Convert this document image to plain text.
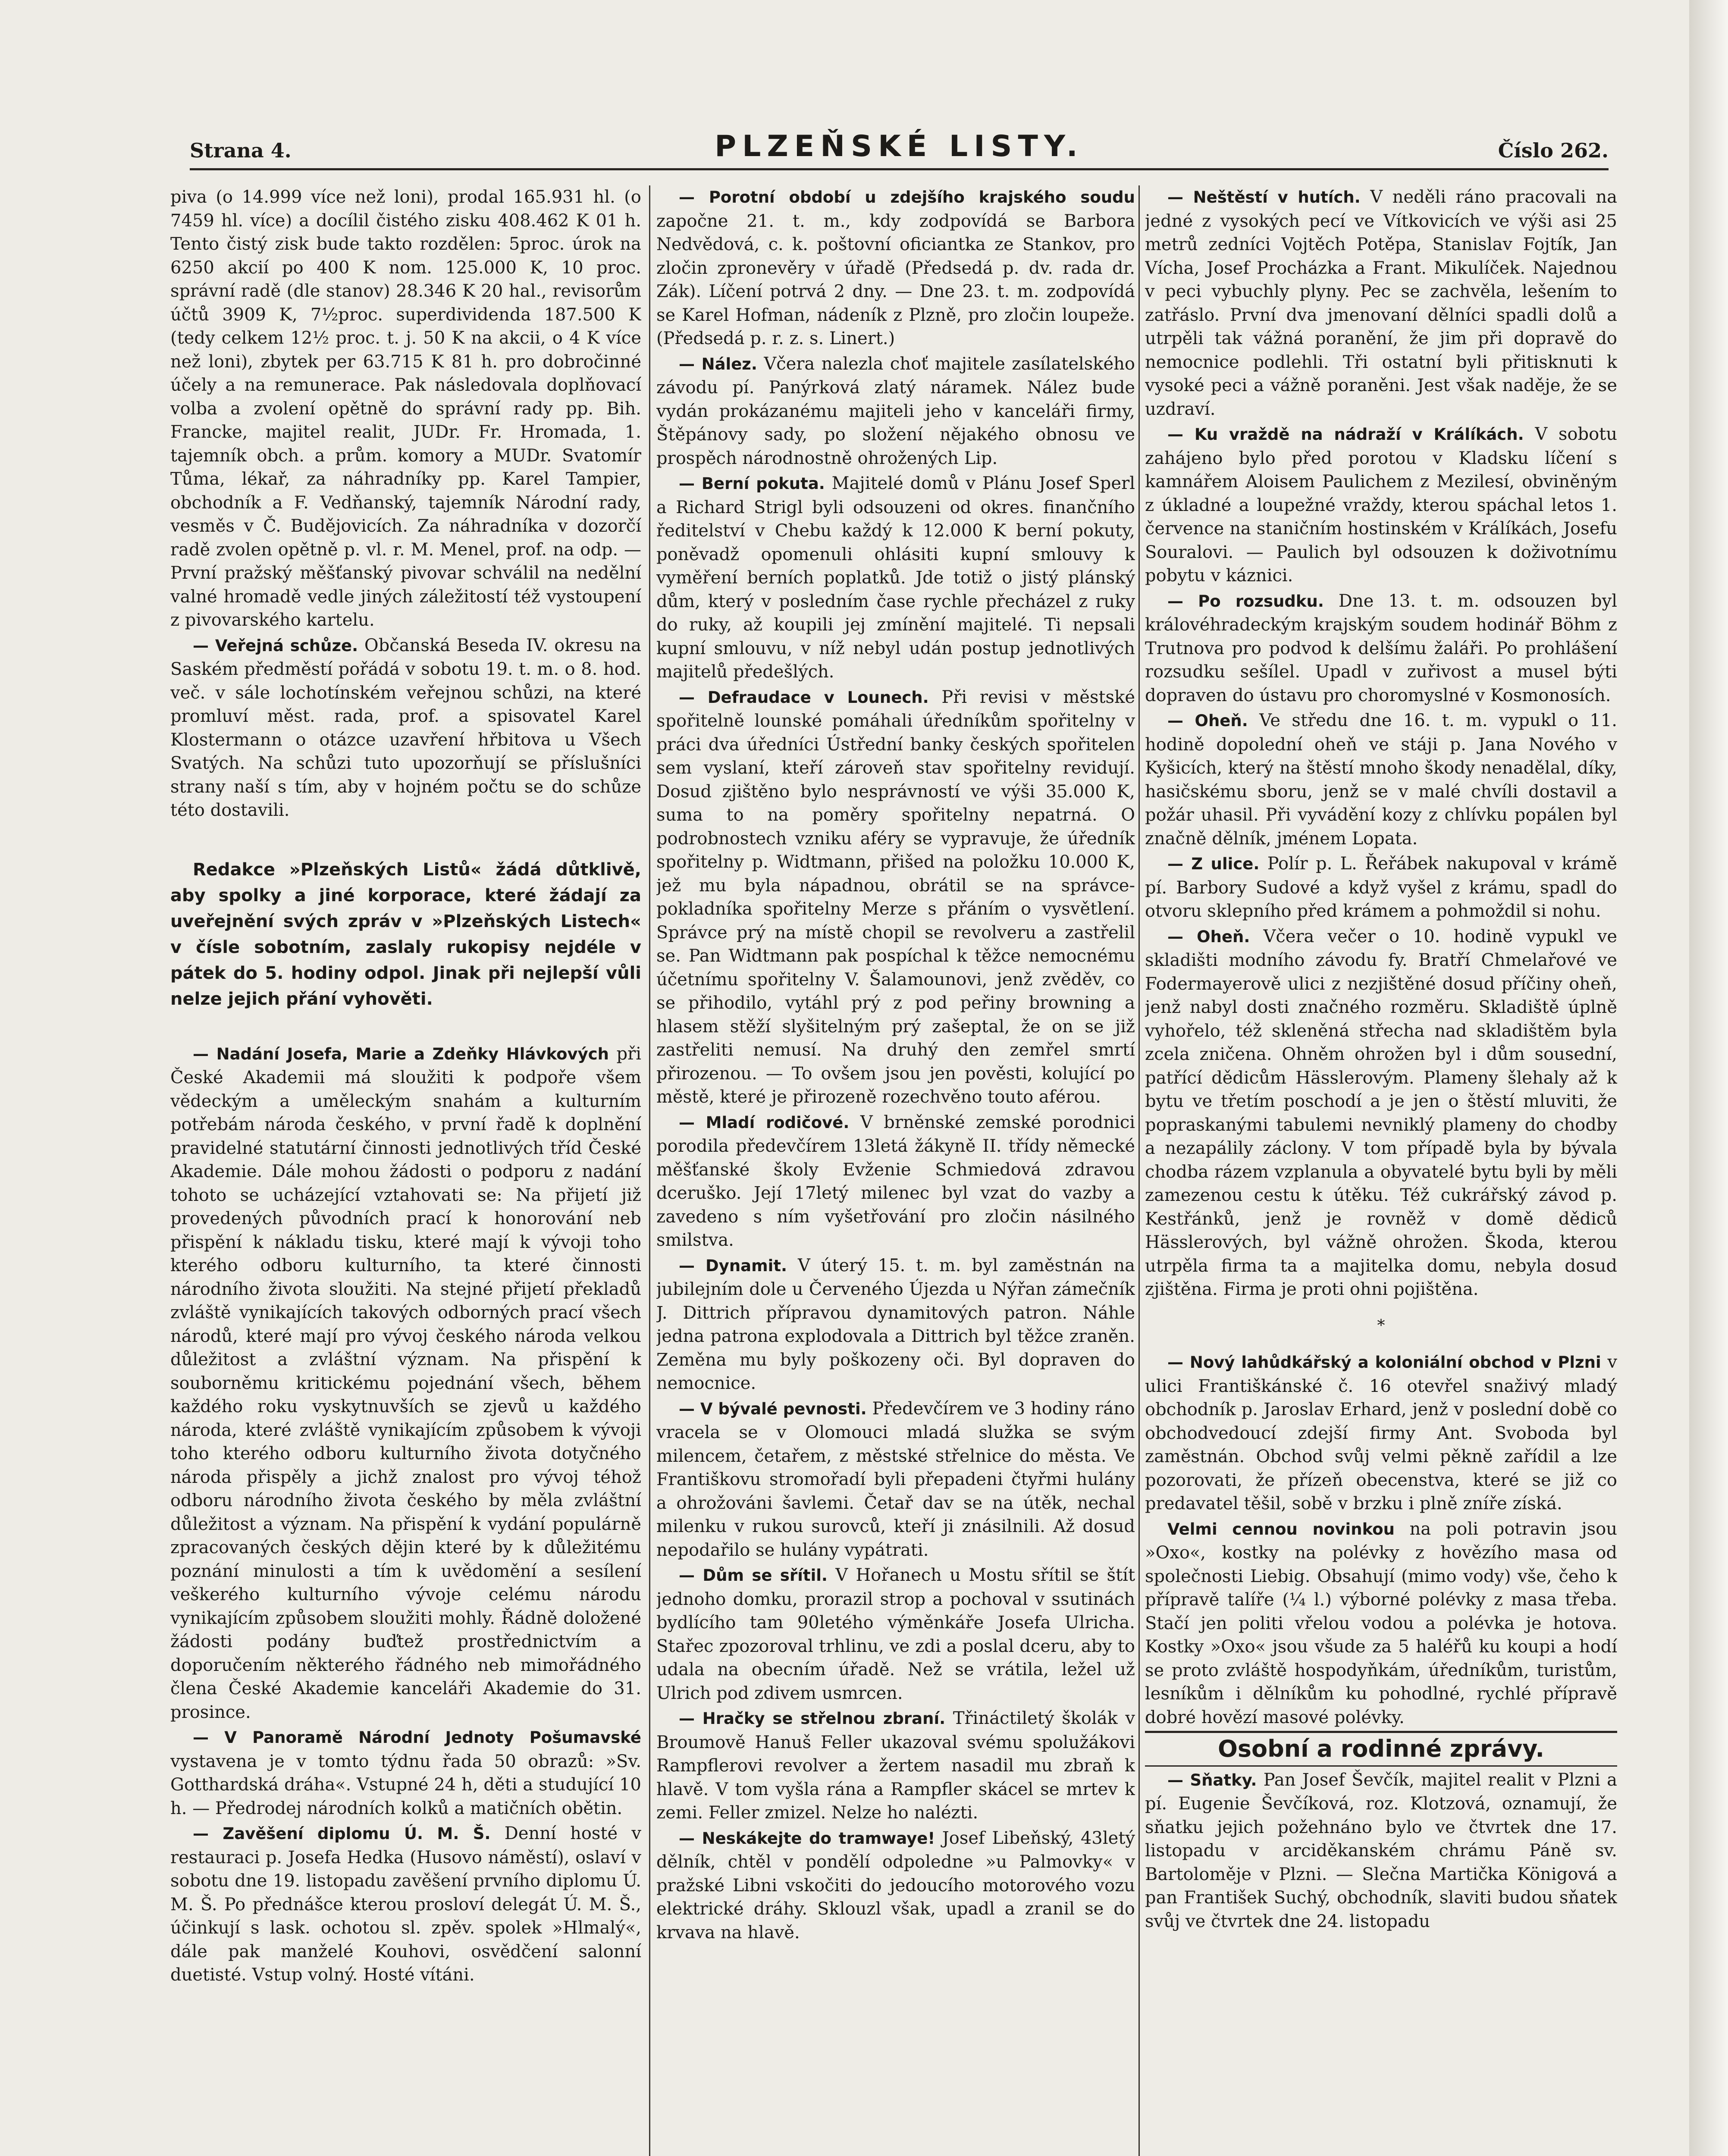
Strana 4.	PLZEŇSKÉ LISTY.	Číslo 262.

piva (o 14.999 více než loni), prodal 165.931 hl. (o 7459 hl. více) a docílil čistého zisku 408.462 K 01 h. Tento čistý zisk bude takto rozdělen: 5proc. úrok na 6250 akcií po 400 K nom. 125.000 K, 10 proc. správní radě (dle stanov) 28.346 K 20 hal., revisorům účtů 3909 K, 7½proc. superdividenda 187.500 K (tedy celkem 12½ proc. t. j. 50 K na akcii, o 4 K více než loni), zbytek per 63.715 K 81 h. pro dobročinné účely a na remunerace. Pak následovala doplňovací volba a zvolení opětně do správní rady pp. Bih. Francke, majitel realit, JUDr. Fr. Hromada, 1. tajemník obch. a prům. komory a MUDr. Svatomír Tůma, lékař, za náhradníky pp. Karel Tampier, obchodník a F. Vedňanský, tajemník Národní rady, vesměs v Č. Budějovicích. Za náhradníka v dozorčí radě zvolen opětně p. vl. r. M. Menel, prof. na odp. — První pražský měšťanský pivovar schválil na nedělní valné hromadě vedle jiných záležitostí též vystoupení z pivovarského kartelu.

— Veřejná schůze. Občanská Beseda IV. okresu na Saském předměstí pořádá v sobotu 19. t. m. o 8. hod. več. v sále lochotínském veřejnou schůzi, na které promluví měst. rada, prof. a spisovatel Karel Klostermann o otázce uzavření hřbitova u Všech Svatých. Na schůzi tuto upozorňují se příslušníci strany naší s tím, aby v hojném počtu se do schůze této dostavili.

Redakce »Plzeňských Listů« žádá důtklivě, aby spolky a jiné korporace, které žádají za uveřejnění svých zpráv v »Plzeňských Listech« v čísle sobotním, zaslaly rukopisy nejdéle v pátek do 5. hodiny odpol. Jinak při nejlepší vůli nelze jejich přání vyhověti.

— Nadání Josefa, Marie a Zdeňky Hlávkových při České Akademii má sloužiti k podpoře všem vědeckým a uměleckým snahám a kulturním potřebám národa českého, v první řadě k doplnění pravidelné statutární činnosti jednotlivých tříd České Akademie. Dále mohou žádosti o podporu z nadání tohoto se ucházející vztahovati se: Na přijetí již provedených původních prací k honorování neb přispění k nákladu tisku, které mají k vývoji toho kterého odboru kulturního, ta které činnosti národního života sloužiti. Na stejné přijetí překladů zvláště vynikajících takových odborných prací všech národů, které mají pro vývoj českého národa velkou důležitost a zvláštní význam. Na přispění k souborněmu kritickému pojednání všech, během každého roku vyskytnuvších se zjevů u každého národa, které zvláště vynikajícím způsobem k vývoji toho kterého odboru kulturního života dotyčného národa přispěly a jichž znalost pro vývoj téhož odboru národního života českého by měla zvláštní důležitost a význam. Na přispění k vydání populárně zpracovaných českých dějin které by k důležitému poznání minulosti a tím k uvědomění a sesílení veškerého kulturního vývoje celému národu vynikajícím způsobem sloužiti mohly. Řádně doložené žádosti podány buďtež prostřednictvím a doporučením některého řádného neb mimořádného člena České Akademie kanceláři Akademie do 31. prosince.

— V Panoramě Národní Jednoty Pošumavské vystavena je v tomto týdnu řada 50 obrazů: »Sv. Gotthardská dráha«. Vstupné 24 h, děti a studující 10 h. — Předrodej národních kolků a matičních obětin.

— Zavěšení diplomu Ú. M. Š. Denní hosté v restauraci p. Josefa Hedka (Husovo náměstí), oslaví v sobotu dne 19. listopadu zavěšení prvního diplomu Ú. M. Š. Po přednášce kterou prosloví delegát Ú. M. Š., účinkují s lask. ochotou sl. zpěv. spolek »Hlmalý«, dále pak manželé Kouhovi, osvědčení salonní duetisté. Vstup volný. Hosté vítáni.

— Porotní období u zdejšího krajského soudu započne 21. t. m., kdy zodpovídá se Barbora Nedvědová, c. k. poštovní oficiantka ze Stankov, pro zločin zpronevěry v úřadě (Předsedá p. dv. rada dr. Zák). Líčení potrvá 2 dny. — Dne 23. t. m. zodpovídá se Karel Hofman, nádeník z Plzně, pro zločin loupeže. (Předsedá p. r. z. s. Linert.)

— Nález. Včera nalezla choť majitele zasílatelského závodu pí. Panýrková zlatý náramek. Nález bude vydán prokázanému majiteli jeho v kanceláři firmy, Štěpánovy sady, po složení nějakého obnosu ve prospěch národnostně ohrožených Lip.

— Berní pokuta. Majitelé domů v Plánu Josef Sperl a Richard Strigl byli odsouzeni od okres. finančního ředitelství v Chebu každý k 12.000 K berní pokuty, poněvadž opomenuli ohlásiti kupní smlouvy k vyměření berních poplatků. Jde totiž o jistý plánský dům, který v posledním čase rychle přecházel z ruky do ruky, až koupili jej zmínění majitelé. Ti nepsali kupní smlouvu, v níž nebyl udán postup jednotlivých majitelů předešlých.

— Defraudace v Lounech. Při revisi v městské spořitelně lounské pomáhali úředníkům spořitelny v práci dva úředníci Ústřední banky českých spořitelen sem vyslaní, kteří zároveň stav spořitelny revidují. Dosud zjištěno bylo nesprávností ve výši 35.000 K, suma to na poměry spořitelny nepatrná. O podrobnostech vzniku aféry se vypravuje, že úředník spořitelny p. Widtmann, přišed na položku 10.000 K, jež mu byla nápadnou, obrátil se na správce-pokladníka spořitelny Merze s přáním o vysvětlení. Správce prý na místě chopil se revolveru a zastřelil se. Pan Widtmann pak pospíchal k těžce nemocnému účetnímu spořitelny V. Šalamounovi, jenž zvěděv, co se přihodilo, vytáhl prý z pod peřiny browning a hlasem stěží slyšitelným prý zašeptal, že on se již zastřeliti nemusí. Na druhý den zemřel smrtí přirozenou. — To ovšem jsou jen pověsti, kolující po městě, které je přirozeně rozechvěno touto aférou.

— Mladí rodičové. V brněnské zemské porodnici porodila předevčírem 13letá žákyně II. třídy německé měšťanské školy Evženie Schmiedová zdravou dceruško. Její 17letý milenec byl vzat do vazby a zavedeno s ním vyšetřování pro zločin násilného smilstva.

— Dynamit. V úterý 15. t. m. byl zaměstnán na jubilejním dole u Červeného Újezda u Nýřan zámečník J. Dittrich přípravou dynamitových patron. Náhle jedna patrona explodovala a Dittrich byl těžce zraněn. Zeměna mu byly poškozeny oči. Byl dopraven do nemocnice.

— V bývalé pevnosti. Předevčírem ve 3 hodiny ráno vracela se v Olomouci mladá služka se svým milencem, četařem, z městské střelnice do města. Ve Františkovu stromořadí byli přepadeni čtyřmi hulány a ohrožováni šavlemi. Četař dav se na útěk, nechal milenku v rukou surovců, kteří ji znásilnili. Až dosud nepodařilo se hulány vypátrati.

— Dům se sřítil. V Hořanech u Mostu sřítil se štít jednoho domku, prorazil strop a pochoval v ssutinách bydlícího tam 90letého výměnkáře Josefa Ulricha. Stařec zpozoroval trhlinu, ve zdi a poslal dceru, aby to udala na obecním úřadě. Než se vrátila, ležel už Ulrich pod zdivem usmrcen.

— Hračky se střelnou zbraní. Třináctiletý školák v Broumově Hanuš Feller ukazoval svému spolužákovi Rampflerovi revolver a žertem nasadil mu zbraň k hlavě. V tom vyšla rána a Rampfler skácel se mrtev k zemi. Feller zmizel. Nelze ho nalézti.

— Neskákejte do tramwaye! Josef Libeňský, 43letý dělník, chtěl v pondělí odpoledne »u Palmovky« v pražské Libni vskočiti do jedoucího motorového vozu elektrické dráhy. Sklouzl však, upadl a zranil se do krvava na hlavě.

— Neštěstí v hutích. V neděli ráno pracovali na jedné z vysokých pecí ve Vítkovicích ve výši asi 25 metrů zedníci Vojtěch Potěpa, Stanislav Fojtík, Jan Vícha, Josef Procházka a Frant. Mikulíček. Najednou v peci vybuchly plyny. Pec se zachvěla, lešením to zatřáslo. První dva jmenovaní dělníci spadli dolů a utrpěli tak vážná poranění, že jim při dopravě do nemocnice podlehli. Tři ostatní byli přitisknuti k vysoké peci a vážně poraněni. Jest však naděje, že se uzdraví.

— Ku vraždě na nádraží v Králíkách. V sobotu zahájeno bylo před porotou v Kladsku líčení s kamnářem Aloisem Paulichem z Mezilesí, obviněným z úkladné a loupežné vraždy, kterou spáchal letos 1. července na staničním hostinském v Králíkách, Josefu Souralovi. — Paulich byl odsouzen k doživotnímu pobytu v káznici.

— Po rozsudku. Dne 13. t. m. odsouzen byl královéhradeckým krajským soudem hodinář Böhm z Trutnova pro podvod k delšímu žaláři. Po prohlášení rozsudku sešílel. Upadl v zuřivost a musel býti dopraven do ústavu pro choromyslné v Kosmonosích.

— Oheň. Ve středu dne 16. t. m. vypukl o 11. hodině dopolední oheň ve stáji p. Jana Nového v Kyšicích, který na štěstí mnoho škody nenadělal, díky, hasičskému sboru, jenž se v malé chvíli dostavil a požár uhasil. Při vyvádění kozy z chlívku popálen byl značně dělník, jménem Lopata.

— Z ulice. Polír p. L. Řeřábek nakupoval v krámě pí. Barbory Sudové a když vyšel z krámu, spadl do otvoru sklepního před krámem a pohmoždil si nohu.

— Oheň. Včera večer o 10. hodině vypukl ve skladišti modního závodu fy. Bratří Chmelařové ve Fodermayerově ulici z nezjištěné dosud příčiny oheň, jenž nabyl dosti značného rozměru. Skladiště úplně vyhořelo, též skleněná střecha nad skladištěm byla zcela zničena. Ohněm ohrožen byl i dům sousední, patřící dědicům Hässlerovým. Plameny šlehaly až k bytu ve třetím poschodí a je jen o štěstí mluviti, že popraskanými tabulemi nevniklý plameny do chodby a nezapálily záclony. V tom případě byla by bývala chodba rázem vzplanula a obyvatelé bytu byli by měli zamezenou cestu k útěku. Též cukrářský závod p. Kestřánků, jenž je rovněž v domě dědiců Hässlerových, byl vážně ohrožen. Škoda, kterou utrpěla firma ta a majitelka domu, nebyla dosud zjištěna. Firma je proti ohni pojištěna.

*

— Nový lahůdkářský a koloniální obchod v Plzni v ulici Františkánské č. 16 otevřel snaživý mladý obchodník p. Jaroslav Erhard, jenž v poslední době co obchodvedoucí zdejší firmy Ant. Svoboda byl zaměstnán. Obchod svůj velmi pěkně zařídil a lze pozorovati, že přízeň obecenstva, které se již co predavatel těšil, sobě v brzku i plně zníře získá.

Velmi cennou novinkou na poli potravin jsou »Oxo«, kostky na polévky z hovězího masa od společnosti Liebig. Obsahují (mimo vody) vše, čeho k přípravě talíře (¼ l.) výborné polévky z masa třeba. Stačí jen politi vřelou vodou a polévka je hotova. Kostky »Oxo« jsou všude za 5 haléřů ku koupi a hodí se proto zvláště hospodyňkám, úředníkům, turistům, lesníkům i dělníkům ku pohodlné, rychlé přípravě dobré hovězí masové polévky.

Osobní a rodinné zprávy.

— Sňatky. Pan Josef Ševčík, majitel realit v Plzni a pí. Eugenie Ševčíková, roz. Klotzová, oznamují, že sňatku jejich požehnáno bylo ve čtvrtek dne 17. listopadu v arciděkanském chrámu Páně sv. Bartoloměje v Plzni. — Slečna Martička Königová a pan František Suchý, obchodník, slaviti budou sňatek svůj ve čtvrtek dne 24. listopadu
